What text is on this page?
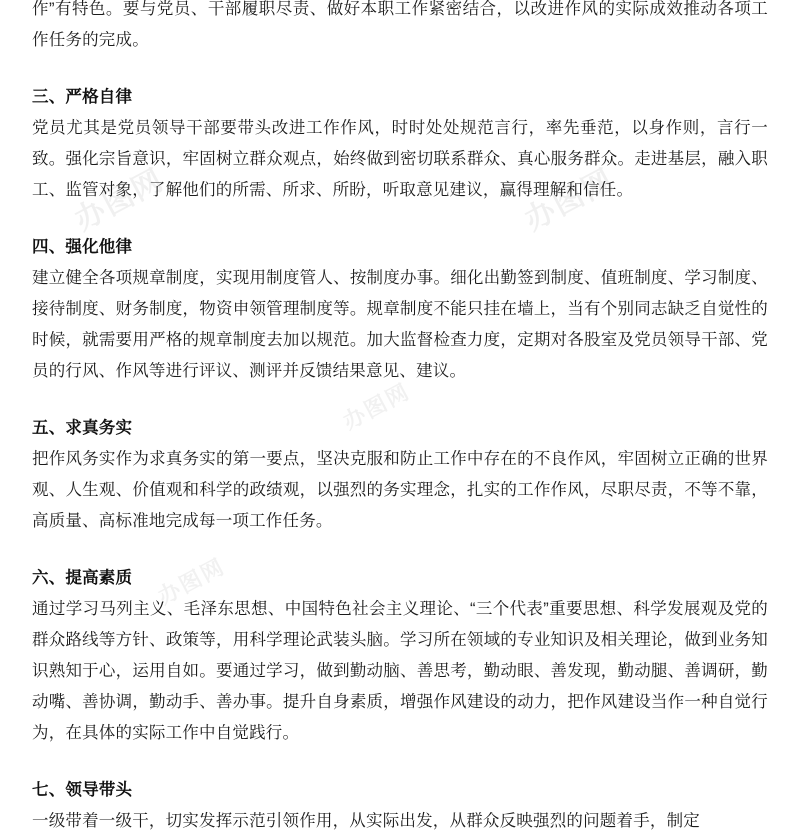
办图网	办图网
办图网
办图网

作”有特色。要与党员、干部履职尽责、做好本职工作紧密结合，以改进作风的实际成效推动各项工作任务的完成。

三、严格自律

党员尤其是党员领导干部要带头改进工作作风，时时处处规范言行，率先垂范，以身作则，言行一致。强化宗旨意识，牢固树立群众观点，始终做到密切联系群众、真心服务群众。走进基层，融入职工、监管对象，了解他们的所需、所求、所盼，听取意见建议，赢得理解和信任。

四、强化他律

建立健全各项规章制度，实现用制度管人、按制度办事。细化出勤签到制度、值班制度、学习制度、接待制度、财务制度，物资申领管理制度等。规章制度不能只挂在墙上，当有个别同志缺乏自觉性的时候，就需要用严格的规章制度去加以规范。加大监督检查力度，定期对各股室及党员领导干部、党员的行风、作风等进行评议、测评并反馈结果意见、建议。

五、求真务实

把作风务实作为求真务实的第一要点，坚决克服和防止工作中存在的不良作风，牢固树立正确的世界观、人生观、价值观和科学的政绩观，以强烈的务实理念，扎实的工作作风，尽职尽责，不等不靠，高质量、高标准地完成每一项工作任务。

六、提高素质

通过学习马列主义、毛泽东思想、中国特色社会主义理论、“三个代表”重要思想、科学发展观及党的群众路线等方针、政策等，用科学理论武装头脑。学习所在领域的专业知识及相关理论，做到业务知识熟知于心，运用自如。要通过学习，做到勤动脑、善思考，勤动眼、善发现，勤动腿、善调研，勤动嘴、善协调，勤动手、善办事。提升自身素质，增强作风建设的动力，把作风建设当作一种自觉行为，在具体的实际工作中自觉践行。

七、领导带头

一级带着一级干，切实发挥示范引领作用，从实际出发，从群众反映强烈的问题着手，制定
